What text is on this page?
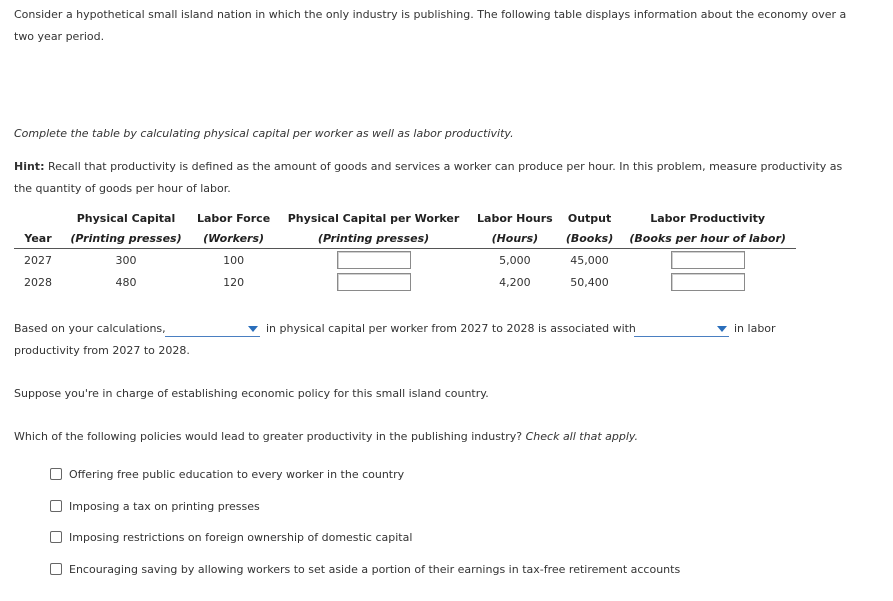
Consider a hypothetical small island nation in which the only industry is publishing. The following table displays information about the economy over a
two year period.
Complete the table by calculating physical capital per worker as well as labor productivity.
Hint: Recall that productivity is defined as the amount of goods and services a worker can produce per hour. In this problem, measure productivity as
the quantity of goods per hour of labor.
	Physical Capital	Labor Force	Physical Capital per Worker	Labor Hours	Output	Labor Productivity
Year	(Printing presses)	(Workers)	(Printing presses)	(Hours)	(Books)	(Books per hour of labor)
2027	300	100		5,000	45,000	
2028	480	120		4,200	50,400	
Based on your calculations,	in physical capital per worker from 2027 to 2028 is associated with	in labor
productivity from 2027 to 2028.
Suppose you're in charge of establishing economic policy for this small island country.
Which of the following policies would lead to greater productivity in the publishing industry? Check all that apply.
Offering free public education to every worker in the country
Imposing a tax on printing presses
Imposing restrictions on foreign ownership of domestic capital
Encouraging saving by allowing workers to set aside a portion of their earnings in tax-free retirement accounts
